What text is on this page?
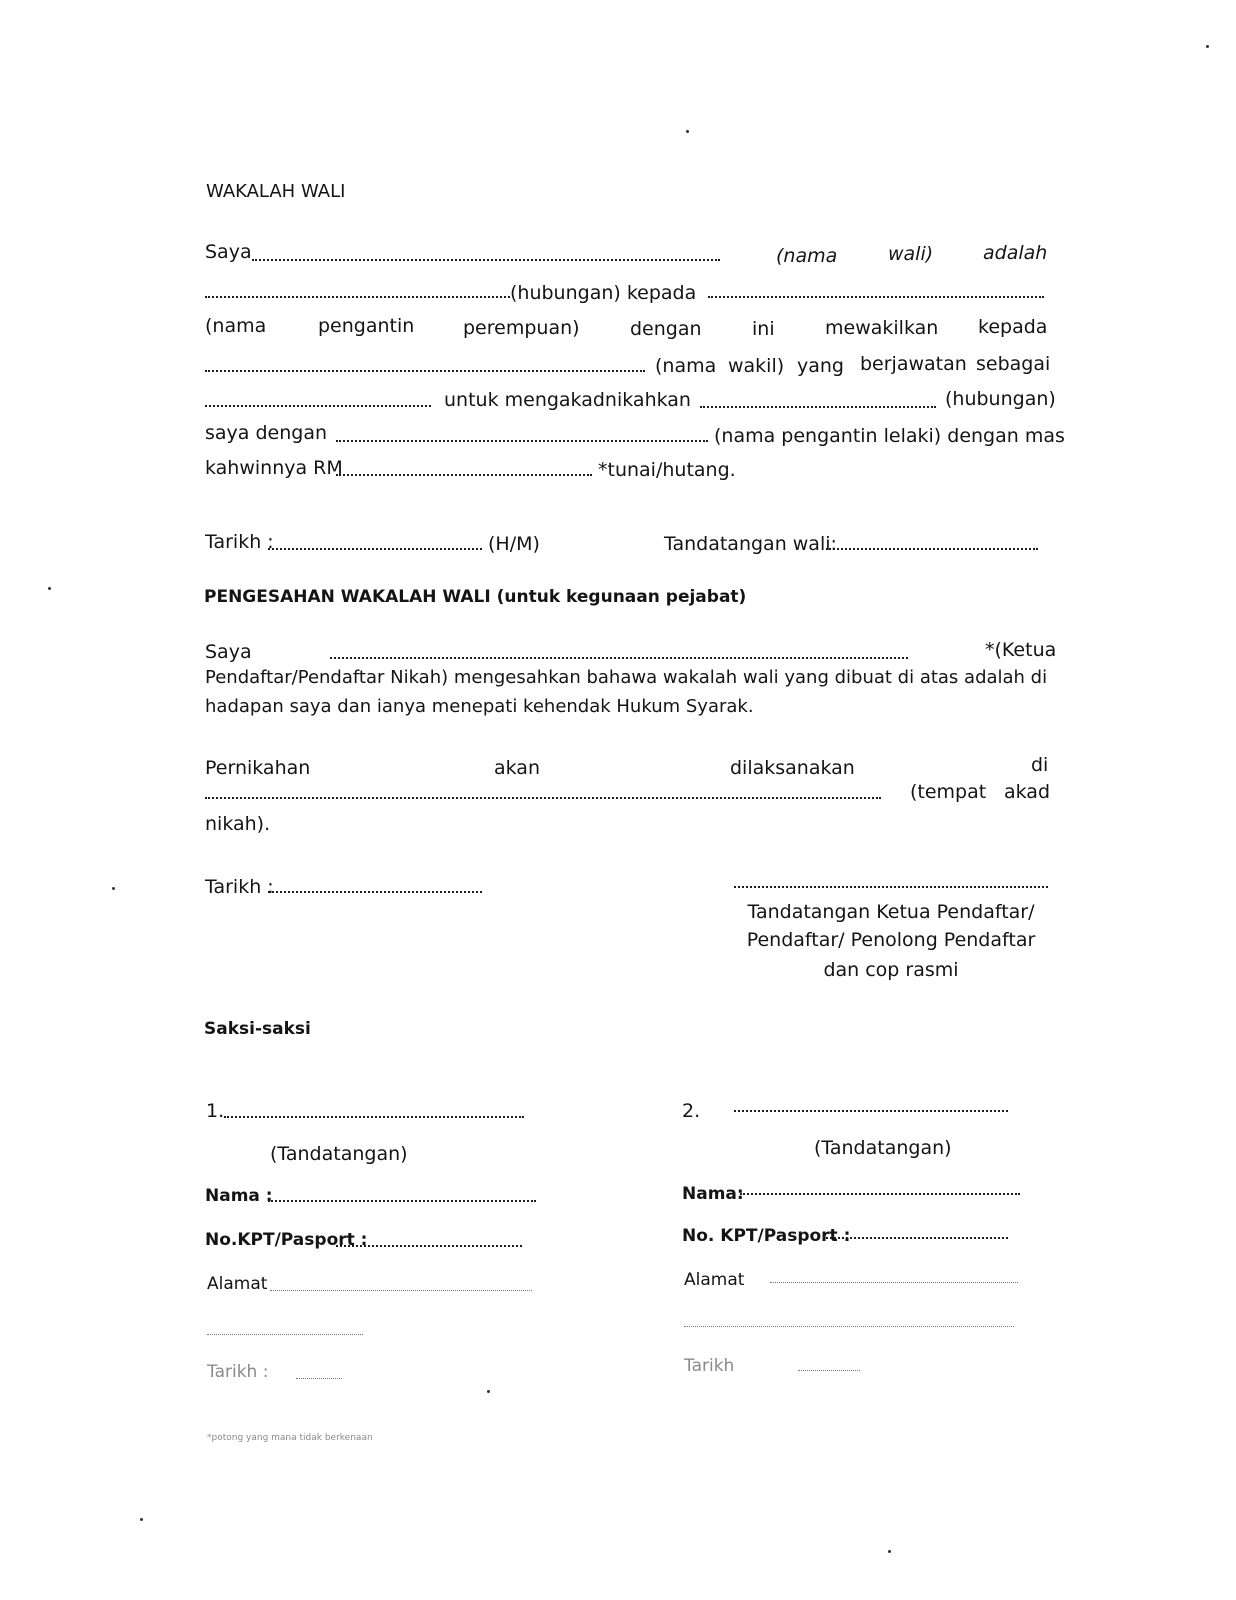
WAKALAH WALI
Saya	(nama	wali)	adalah
(hubungan) kepada
(nama	pengantin	perempuan)	dengan	ini	mewakilkan kepada
(nama wakil) yang berjawatan sebagai
untuk mengakadnikahkan	(hubungan)
saya dengan	(nama pengantin lelaki) dengan mas
kahwinnya RM	*tunai/hutang.
Tarikh :	(H/M)	Tandatangan wali:
PENGESAHAN WAKALAH WALI (untuk kegunaan pejabat)
Saya	*(Ketua
Pendaftar/Pendaftar Nikah) mengesahkan bahawa wakalah wali yang dibuat di atas adalah di
hadapan saya dan ianya menepati kehendak Hukum Syarak.
Pernikahan	akan	dilaksanakan	di
(tempat akad
nikah).
Tarikh :
Tandatangan Ketua Pendaftar/
Pendaftar/ Penolong Pendaftar
dan cop rasmi
Saksi-saksi
1.
(Tandatangan)
Nama :
No.KPT/Pasport :
Alamat
Tarikh :
2.
(Tandatangan)
Nama:
No. KPT/Pasport :
Alamat
Tarikh
*potong yang mana tidak berkenaan
